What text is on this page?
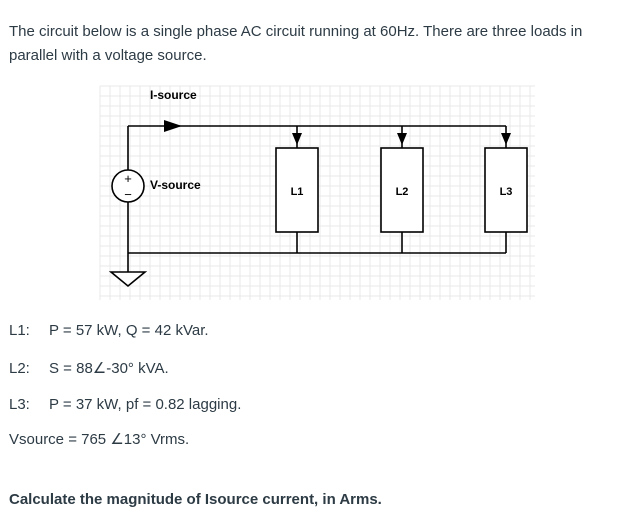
The circuit below is a single phase AC circuit running at 60Hz. There are three loads in parallel with a voltage source.

+
−	L1	L2	L3
I-source
V-source

L1: P = 57 kW, Q = 42 kVar.

L2: S = 88∠-30° kVA.

L3: P = 37 kW, pf = 0.82 lagging.

Vsource = 765 ∠13° Vrms.

Calculate the magnitude of Isource current, in Arms.
